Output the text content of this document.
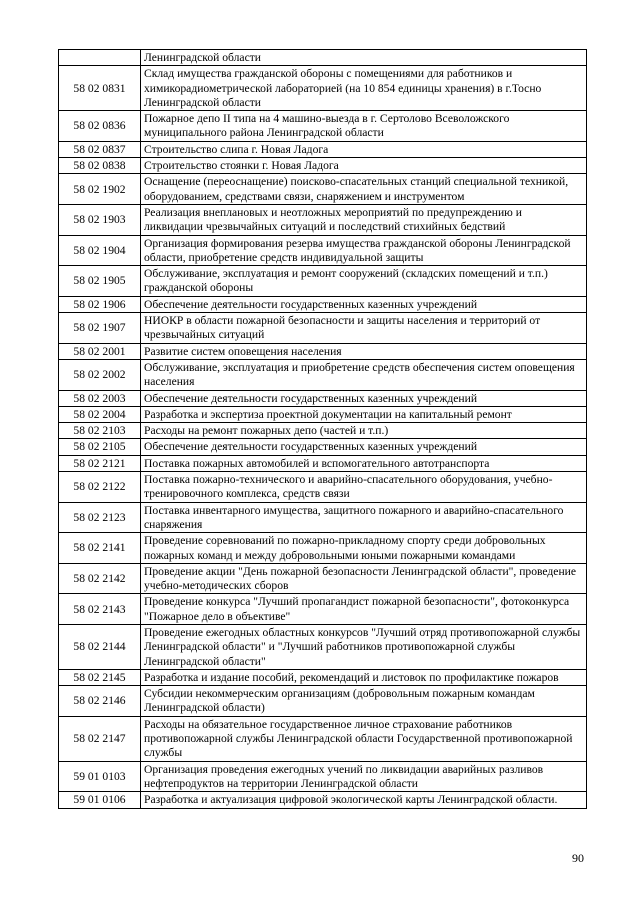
	Ленинградской области
58 02 0831	Склад имущества гражданской обороны с помещениями для работников и химикорадиометрической лабораторией (на 10 854 единицы хранения) в г.Тосно Ленинградской области
58 02 0836	Пожарное депо II типа на 4 машино-выезда в г. Сертолово Всеволожского муниципального района Ленинградской области
58 02 0837	Строительство слипа г. Новая Ладога
58 02 0838	Строительство стоянки г. Новая Ладога
58 02 1902	Оснащение (переоснащение) поисково-спасательных станций специальной техникой, оборудованием, средствами связи, снаряжением и инструментом
58 02 1903	Реализация внеплановых и неотложных мероприятий по предупреждению и ликвидации чрезвычайных ситуаций и последствий стихийных бедствий
58 02 1904	Организация формирования резерва имущества гражданской обороны Ленинградской области, приобретение средств индивидуальной защиты
58 02 1905	Обслуживание, эксплуатация и ремонт сооружений (складских помещений и т.п.) гражданской обороны
58 02 1906	Обеспечение деятельности государственных казенных учреждений
58 02 1907	НИОКР в области пожарной безопасности и защиты населения и территорий от чрезвычайных ситуаций
58 02 2001	Развитие систем оповещения населения
58 02 2002	Обслуживание, эксплуатация и приобретение средств обеспечения систем оповещения населения
58 02 2003	Обеспечение деятельности государственных казенных учреждений
58 02 2004	Разработка и экспертиза проектной документации на капитальный ремонт
58 02 2103	Расходы на ремонт пожарных депо (частей и т.п.)
58 02 2105	Обеспечение деятельности государственных казенных учреждений
58 02 2121	Поставка пожарных автомобилей и вспомогательного автотранспорта
58 02 2122	Поставка пожарно-технического и аварийно-спасательного оборудования, учебно-тренировочного комплекса, средств связи
58 02 2123	Поставка инвентарного имущества, защитного пожарного и аварийно-спасательного снаряжения
58 02 2141	Проведение соревнований по пожарно-прикладному спорту среди добровольных пожарных команд и между добровольными юными пожарными командами
58 02 2142	Проведение акции "День пожарной безопасности Ленинградской области", проведение учебно-методических сборов
58 02 2143	Проведение конкурса "Лучший пропагандист пожарной безопасности", фотоконкурса "Пожарное дело в объективе"
58 02 2144	Проведение ежегодных областных конкурсов "Лучший отряд противопожарной службы Ленинградской области" и "Лучший работников противопожарной службы Ленинградской области"
58 02 2145	Разработка и издание пособий, рекомендаций и листовок по профилактике пожаров
58 02 2146	Субсидии некоммерческим организациям (добровольным пожарным командам Ленинградской области)
58 02 2147	Расходы на обязательное государственное личное страхование работников противопожарной службы Ленинградской области Государственной противопожарной службы
59 01 0103	Организация проведения ежегодных учений по ликвидации аварийных разливов нефтепродуктов на территории Ленинградской области
59 01 0106	Разработка и актуализация цифровой экологической карты Ленинградской области.
90
